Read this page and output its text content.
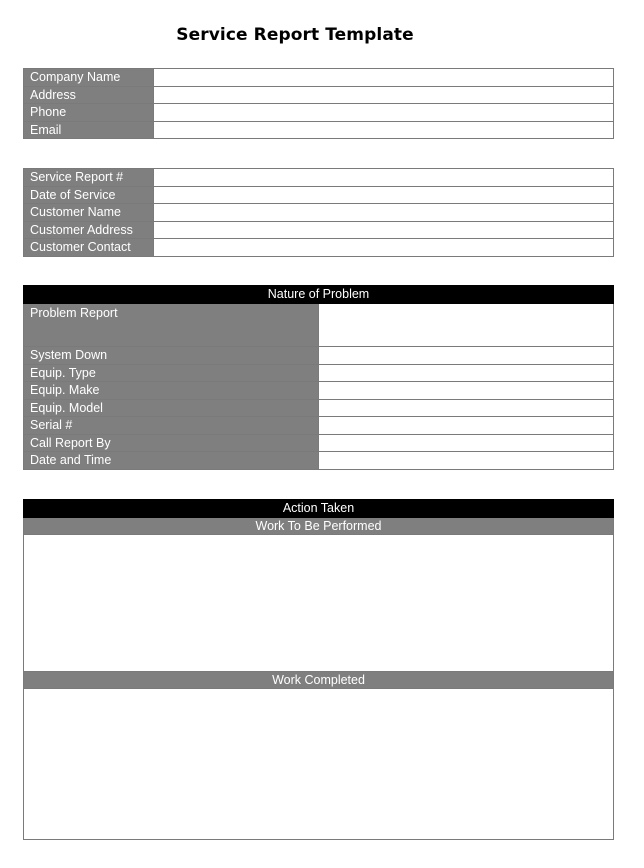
Service Report Template
Company Name	
Address	
Phone	
Email	
Service Report #	
Date of Service	
Customer Name	
Customer Address	
Customer Contact	
Nature of Problem	
Problem Report	
System Down	
Equip. Type	
Equip. Make	
Equip. Model	
Serial #	
Call Report By	
Date and Time	
Action Taken
Work To Be Performed

Work Completed
